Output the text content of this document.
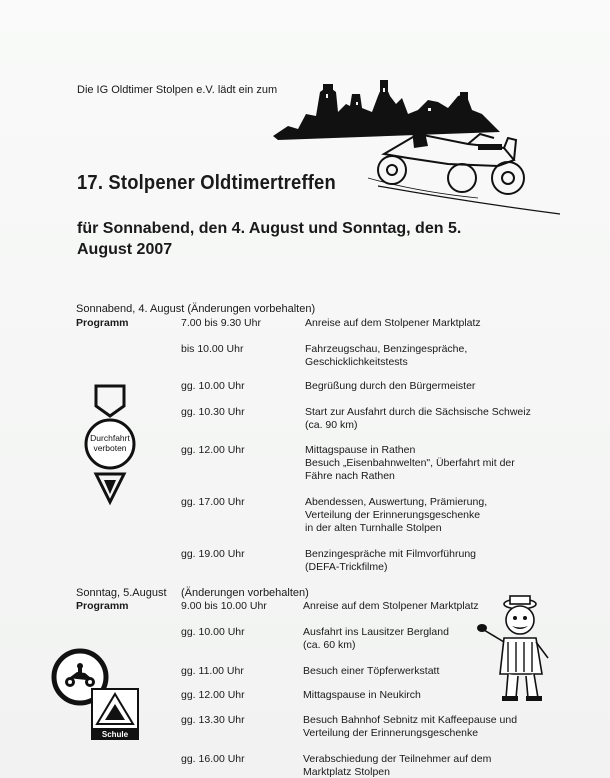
Die IG Oldtimer Stolpen e.V. lädt ein zum
17. Stolpener Oldtimertreffen
für Sonnabend, den 4. August und Sonntag, den 5. August 2007
Sonnabend, 4. August (Änderungen vorbehalten)
Programm	7.00 bis 9.30 Uhr	Anreise auf dem Stolpener Marktplatz
bis 10.00 Uhr	Fahrzeugschau, Benzingespräche,
Geschicklichkeitstests
gg. 10.00 Uhr	Begrüßung durch den Bürgermeister
gg. 10.30 Uhr	Start zur Ausfahrt durch die Sächsische Schweiz
(ca. 90 km)
gg. 12.00 Uhr	Mittagspause in Rathen
Besuch „Eisenbahnwelten", Überfahrt mit der
Fähre nach Rathen
gg. 17.00 Uhr	Abendessen, Auswertung, Prämierung,
Verteilung der Erinnerungsgeschenke
in der alten Turnhalle Stolpen
gg. 19.00 Uhr	Benzingespräche mit Filmvorführung
(DEFA-Trickfilme)
Sonntag, 5.August (Änderungen vorbehalten)
Programm	9.00 bis 10.00 Uhr	Anreise auf dem Stolpener Marktplatz
gg. 10.00 Uhr	Ausfahrt ins Lausitzer Bergland
(ca. 60 km)
gg. 11.00 Uhr	Besuch einer Töpferwerkstatt
gg. 12.00 Uhr	Mittagspause in Neukirch
gg. 13.30 Uhr	Besuch Bahnhof Sebnitz mit Kaffeepause und
Verteilung der Erinnerungsgeschenke
gg. 16.00 Uhr	Verabschiedung der Teilnehmer auf dem
Marktplatz Stolpen
Durchfahrt
verboten
Schule
